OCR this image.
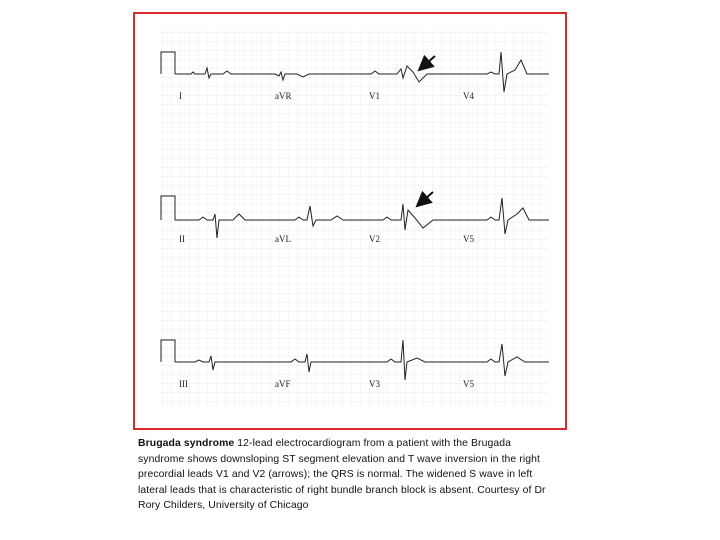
I	aVR	V1	V4
II	aVL	V2	V5
III	aVF	V3	V5
Brugada syndrome 12-lead electrocardiogram from a patient with the Brugada syndrome shows downsloping ST segment elevation and T wave inversion in the right precordial leads V1 and V2 (arrows); the QRS is normal. The widened S wave in left lateral leads that is characteristic of right bundle branch block is absent. Courtesy of Dr Rory Childers, University of Chicago
